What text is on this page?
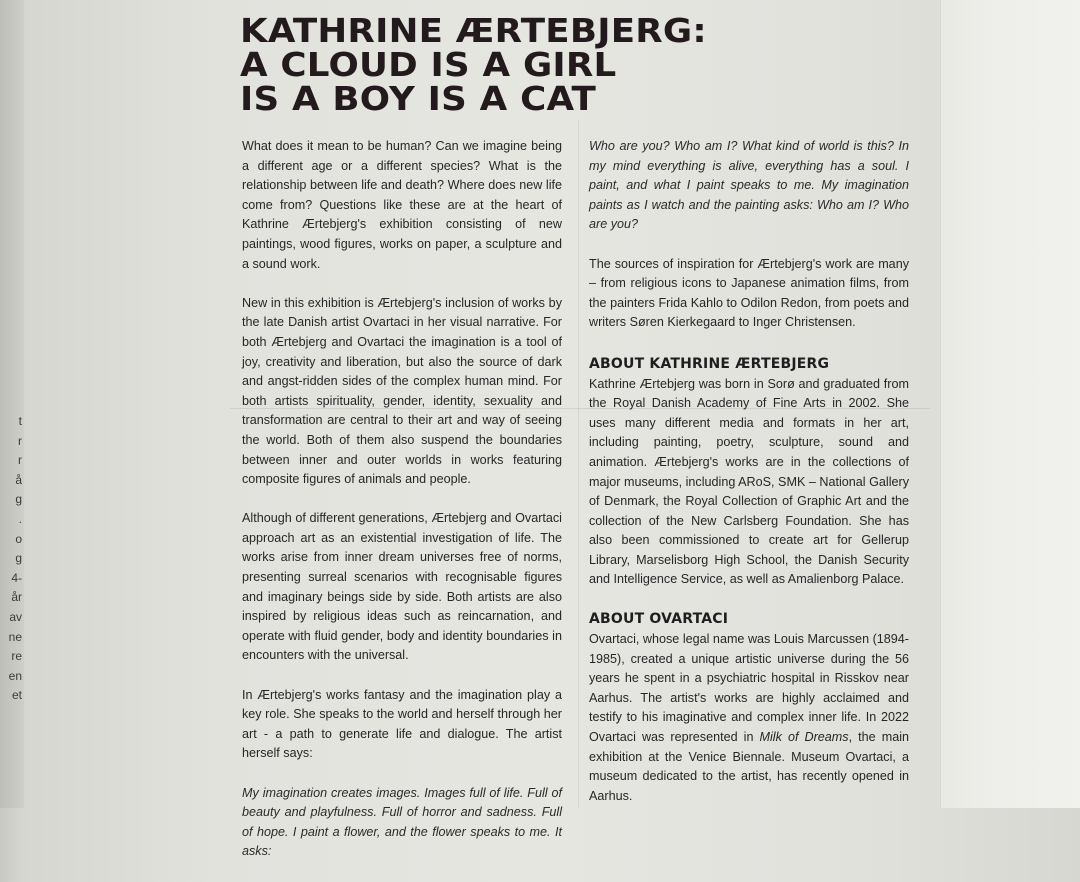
t
r
r
å
g
.
o
g
4-
år
av
ne
re
en
et
KATHRINE ÆRTEBJERG:
A CLOUD IS A GIRL
IS A BOY IS A CAT

What does it mean to be human? Can we imagine being a different age or a different species? What is the relationship between life and death? Where does new life come from? Questions like these are at the heart of Kathrine Ærtebjerg's exhibition consisting of new paintings, wood figures, works on paper, a sculpture and a sound work.

New in this exhibition is Ærtebjerg's inclusion of works by the late Danish artist Ovartaci in her visual narrative. For both Ærtebjerg and Ovartaci the imagination is a tool of joy, creativity and liberation, but also the source of dark and angst-ridden sides of the complex human mind. For both artists spirituality, gender, identity, sexuality and transformation are central to their art and way of seeing the world. Both of them also suspend the boundaries between inner and outer worlds in works featuring composite figures of animals and people.

Although of different generations, Ærtebjerg and Ovartaci approach art as an existential investigation of life. The works arise from inner dream universes free of norms, presenting surreal scenarios with recognisable figures and imaginary beings side by side. Both artists are also inspired by religious ideas such as reincarnation, and operate with fluid gender, body and identity boundaries in encounters with the universal.

In Ærtebjerg's works fantasy and the imagination play a key role. She speaks to the world and herself through her art - a path to generate life and dialogue. The artist herself says:

My imagination creates images. Images full of life. Full of beauty and playfulness. Full of horror and sadness. Full of hope. I paint a flower, and the flower speaks to me. It asks:

Who are you? Who am I? What kind of world is this? In my mind everything is alive, everything has a soul. I paint, and what I paint speaks to me. My imagination paints as I watch and the painting asks: Who am I? Who are you?

The sources of inspiration for Ærtebjerg's work are many – from religious icons to Japanese animation films, from the painters Frida Kahlo to Odilon Redon, from poets and writers Søren Kierkegaard to Inger Christensen.

ABOUT KATHRINE ÆRTEBJERG

Kathrine Ærtebjerg was born in Sorø and graduated from the Royal Danish Academy of Fine Arts in 2002. She uses many different media and formats in her art, including painting, poetry, sculpture, sound and animation. Ærtebjerg's works are in the collections of major museums, including ARoS, SMK – National Gallery of Denmark, the Royal Collection of Graphic Art and the collection of the New Carlsberg Foundation. She has also been commissioned to create art for Gellerup Library, Marselisborg High School, the Danish Security and Intelligence Service, as well as Amalienborg Palace.

ABOUT OVARTACI

Ovartaci, whose legal name was Louis Marcussen (1894-1985), created a unique artistic universe during the 56 years he spent in a psychiatric hospital in Risskov near Aarhus. The artist's works are highly acclaimed and testify to his imaginative and complex inner life. In 2022 Ovartaci was represented in Milk of Dreams, the main exhibition at the Venice Biennale. Museum Ovartaci, a museum dedicated to the artist, has recently opened in Aarhus.
